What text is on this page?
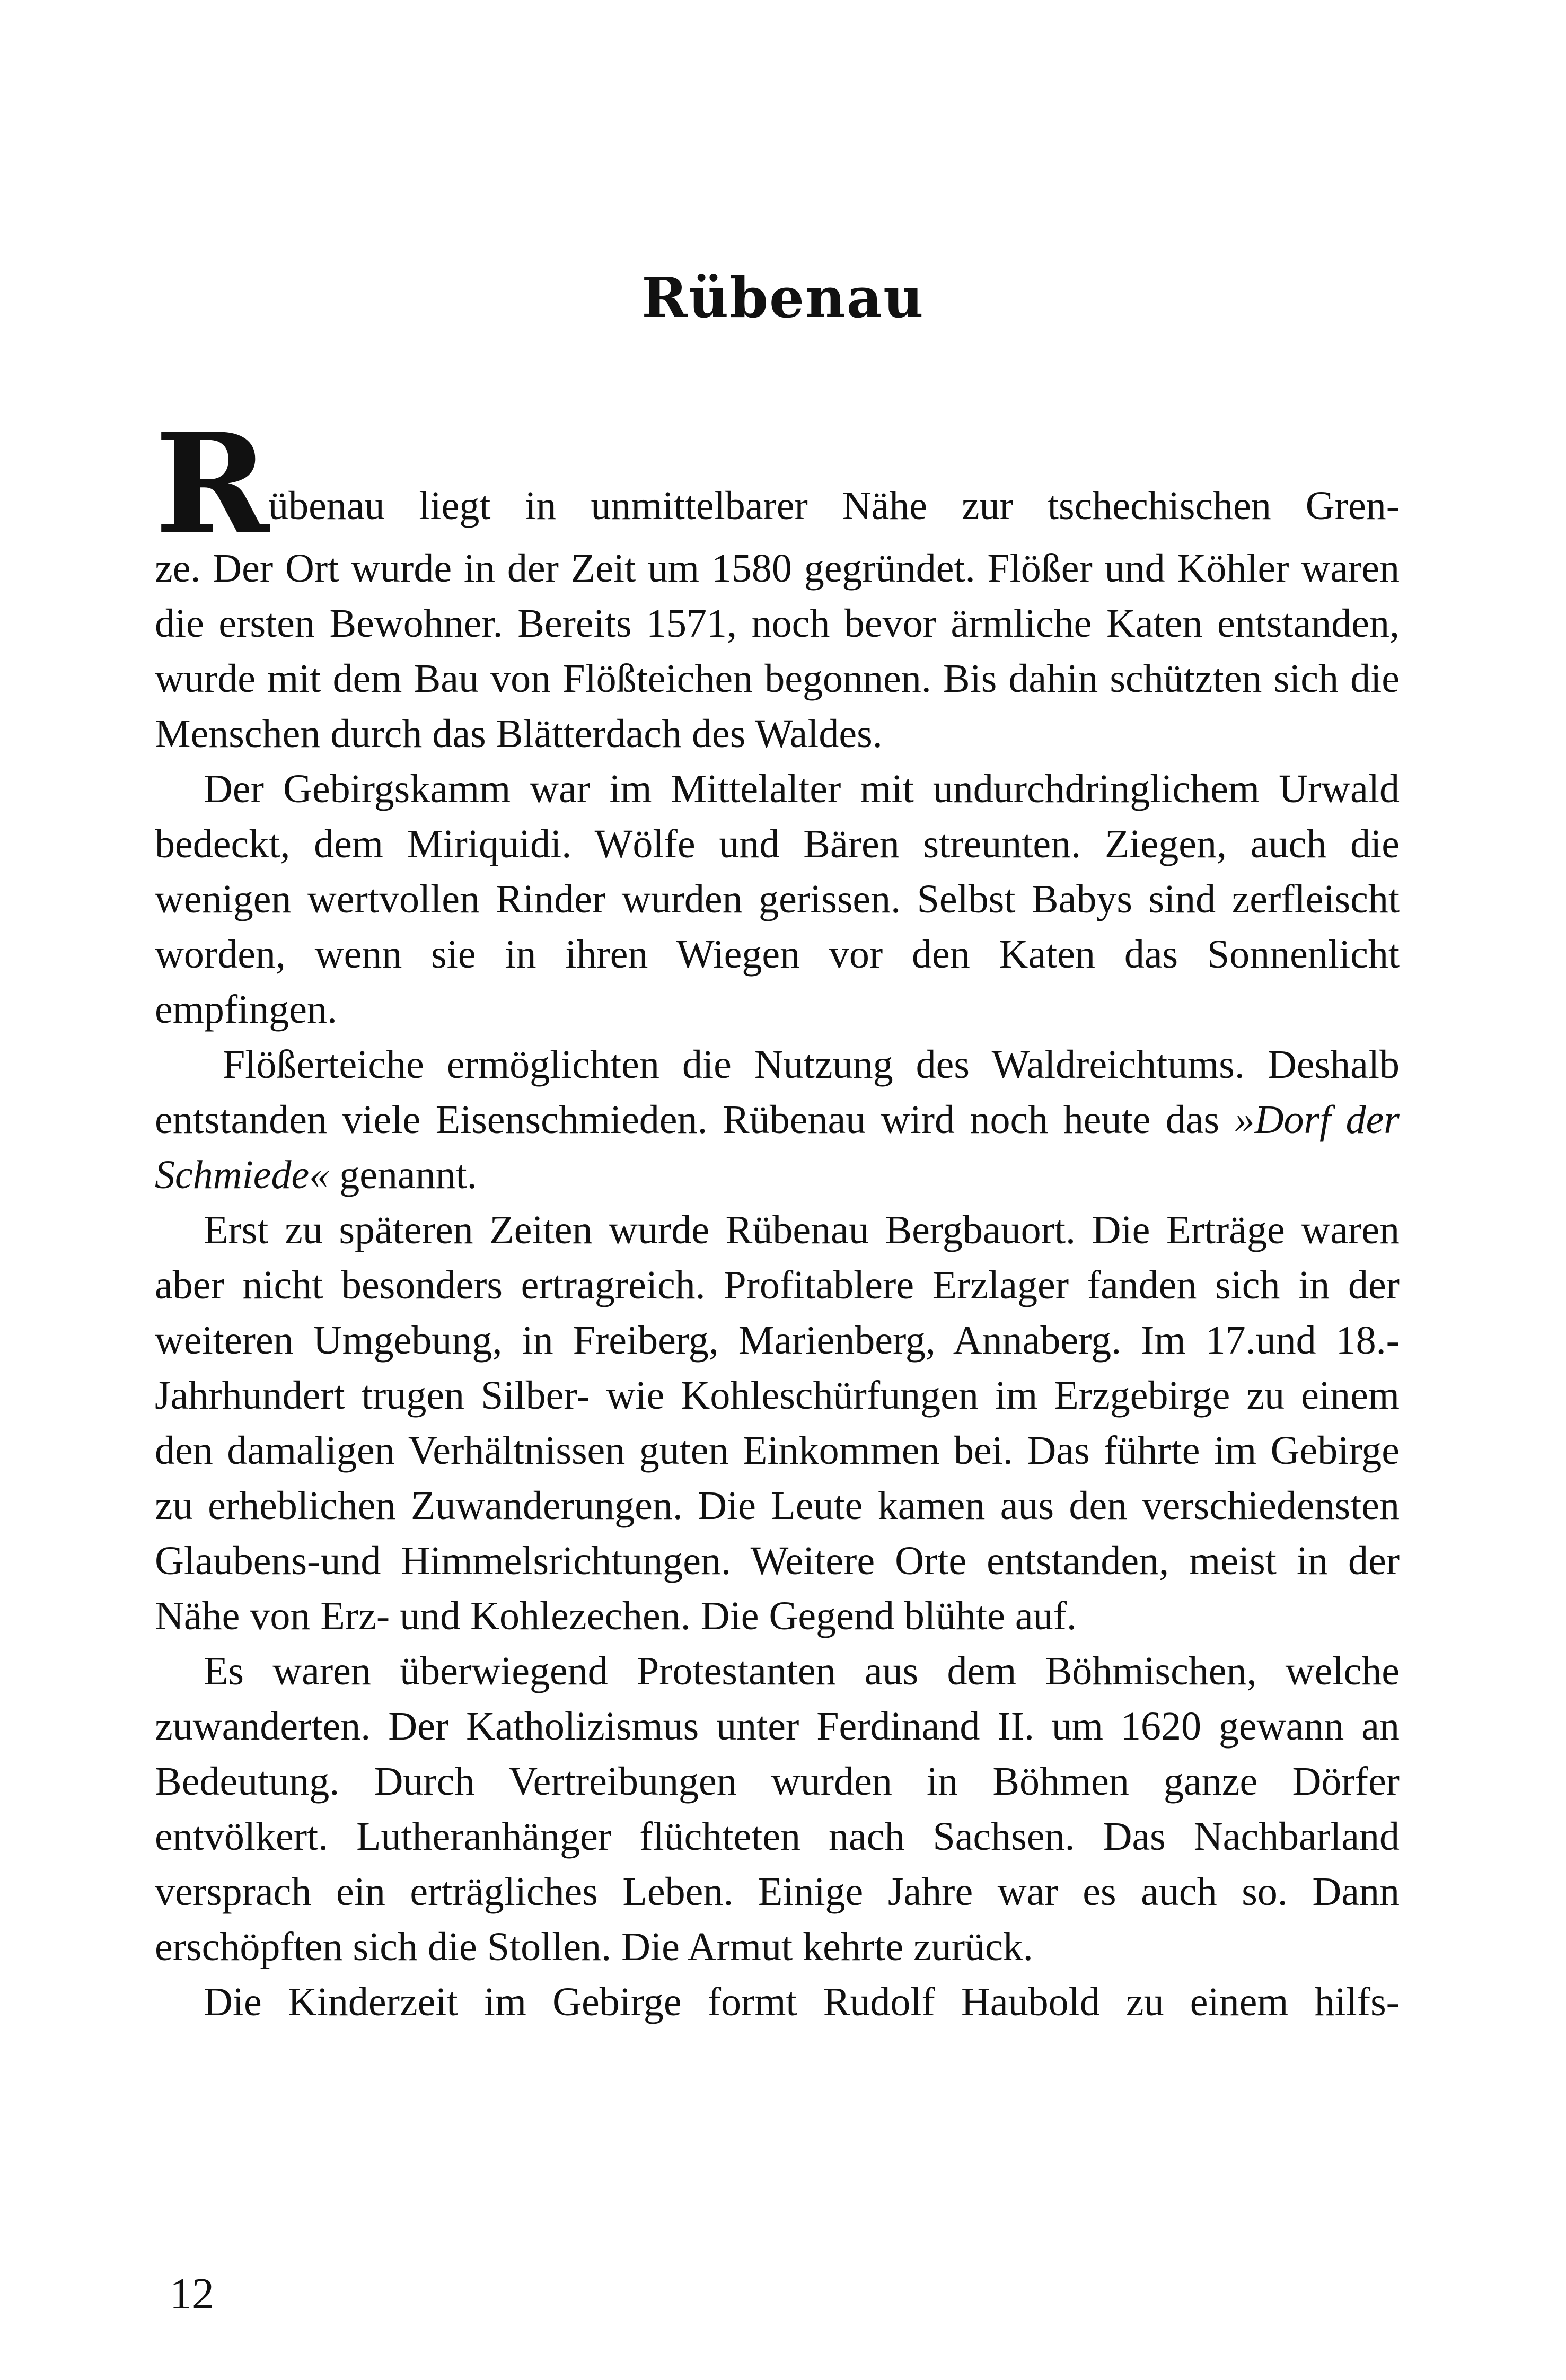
Rübenau
R übenau liegt in unmittelbarer Nähe zur tschechischen Gren-

ze. Der Ort wurde in der Zeit um 1580 gegründet. Flößer und Köhler waren die ersten Bewohner. Bereits 1571, noch bevor ärmliche Katen entstanden, wurde mit dem Bau von Flößteichen begonnen. Bis dahin schützten sich die Menschen durch das Blätterdach des Waldes.

Der Gebirgskamm war im Mittelalter mit undurchdringlichem Urwald bedeckt, dem Miriquidi. Wölfe und Bären streunten. Ziegen, auch die wenigen wertvollen Rinder wurden gerissen. Selbst Babys sind zerfleischt worden, wenn sie in ihren Wiegen vor den Katen das Sonnenlicht empfingen.

Flößerteiche ermöglichten die Nutzung des Waldreichtums. Deshalb entstanden viele Eisenschmieden. Rübenau wird noch heute das »Dorf der Schmiede« genannt.

Erst zu späteren Zeiten wurde Rübenau Bergbauort. Die Erträge waren aber nicht besonders ertragreich. Profitablere Erzlager fanden sich in der weiteren Umgebung, in Freiberg, Marienberg, Annaberg. Im 17.und 18.- Jahrhundert trugen Silber- wie Kohleschürfungen im Erzgebirge zu einem den damaligen Verhältnissen guten Einkommen bei. Das führte im Gebirge zu erheblichen Zuwanderungen. Die Leute kamen aus den verschiedensten Glaubens-und Himmelsrichtungen. Weitere Orte entstanden, meist in der Nähe von Erz- und Kohlezechen. Die Gegend blühte auf.

Es waren überwiegend Protestanten aus dem Böhmischen, welche zuwanderten. Der Katholizismus unter Ferdinand II. um 1620 gewann an Bedeutung. Durch Vertreibungen wurden in Böhmen ganze Dörfer entvölkert. Lutheranhänger flüchteten nach Sachsen. Das Nachbarland versprach ein erträgliches Leben. Einige Jahre war es auch so. Dann erschöpften sich die Stollen. Die Armut kehrte zurück.

Die Kinderzeit im Gebirge formt Rudolf Haubold zu einem hilfs-

12
